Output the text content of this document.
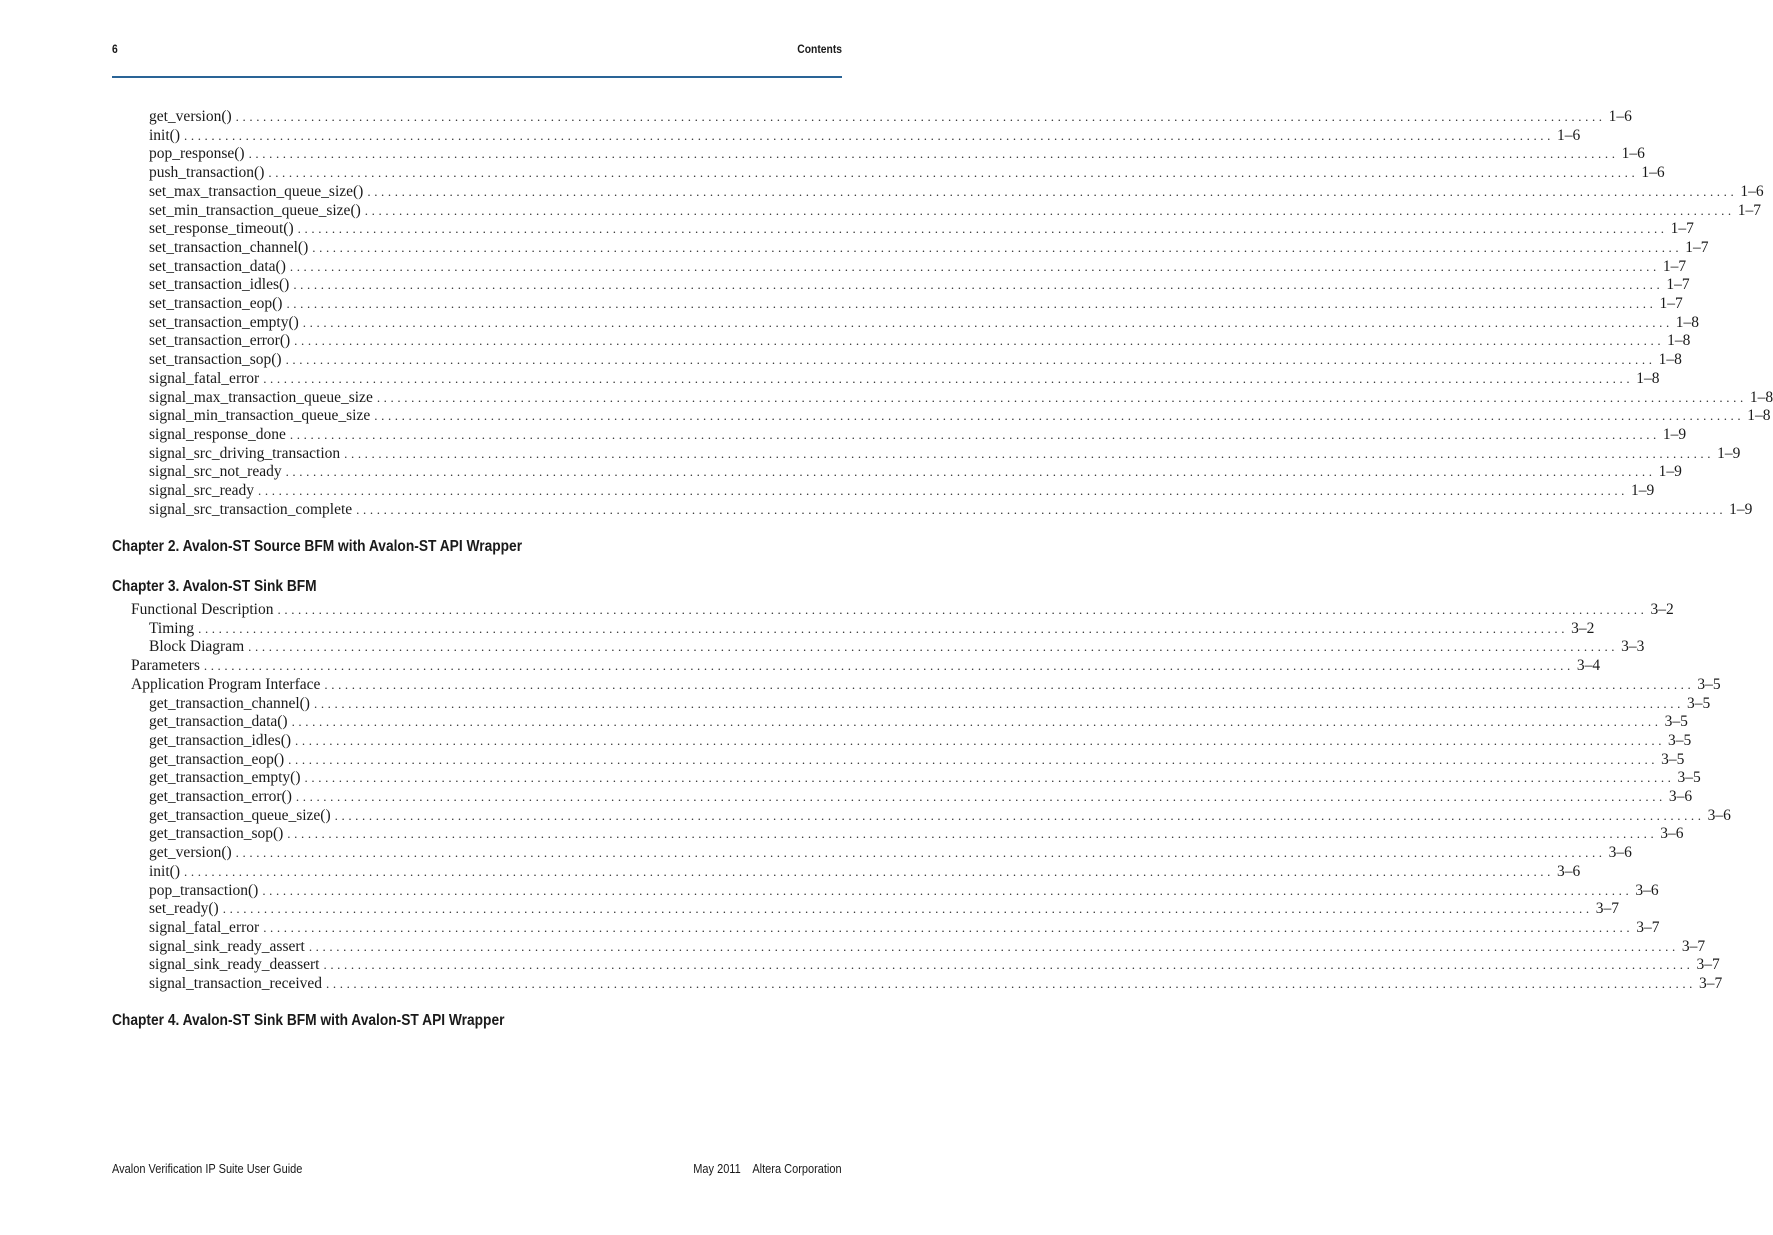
6	Contents
Chapter 2. Avalon-ST Source BFM with Avalon-ST API Wrapper
Chapter 3. Avalon-ST Sink BFM
Chapter 4. Avalon-ST Sink BFM with Avalon-ST API Wrapper
get_version() ........................................................................................................................................................................................................ 1–6
init() ........................................................................................................................................................................................................ 1–6
pop_response() ........................................................................................................................................................................................................ 1–6
push_transaction() ........................................................................................................................................................................................................ 1–6
set_max_transaction_queue_size() ........................................................................................................................................................................................................ 1–6
set_min_transaction_queue_size() ........................................................................................................................................................................................................ 1–7
set_response_timeout() ........................................................................................................................................................................................................ 1–7
set_transaction_channel() ........................................................................................................................................................................................................ 1–7
set_transaction_data() ........................................................................................................................................................................................................ 1–7
set_transaction_idles() ........................................................................................................................................................................................................ 1–7
set_transaction_eop() ........................................................................................................................................................................................................ 1–7
set_transaction_empty() ........................................................................................................................................................................................................ 1–8
set_transaction_error() ........................................................................................................................................................................................................ 1–8
set_transaction_sop() ........................................................................................................................................................................................................ 1–8
signal_fatal_error ........................................................................................................................................................................................................ 1–8
signal_max_transaction_queue_size ........................................................................................................................................................................................................ 1–8
signal_min_transaction_queue_size ........................................................................................................................................................................................................ 1–8
signal_response_done ........................................................................................................................................................................................................ 1–9
signal_src_driving_transaction ........................................................................................................................................................................................................ 1–9
signal_src_not_ready ........................................................................................................................................................................................................ 1–9
signal_src_ready ........................................................................................................................................................................................................ 1–9
signal_src_transaction_complete ........................................................................................................................................................................................................ 1–9
Functional Description ........................................................................................................................................................................................................ 3–2
Timing ........................................................................................................................................................................................................ 3–2
Block Diagram ........................................................................................................................................................................................................ 3–3
Parameters ........................................................................................................................................................................................................ 3–4
Application Program Interface ........................................................................................................................................................................................................ 3–5
get_transaction_channel() ........................................................................................................................................................................................................ 3–5
get_transaction_data() ........................................................................................................................................................................................................ 3–5
get_transaction_idles() ........................................................................................................................................................................................................ 3–5
get_transaction_eop() ........................................................................................................................................................................................................ 3–5
get_transaction_empty() ........................................................................................................................................................................................................ 3–5
get_transaction_error() ........................................................................................................................................................................................................ 3–6
get_transaction_queue_size() ........................................................................................................................................................................................................ 3–6
get_transaction_sop() ........................................................................................................................................................................................................ 3–6
get_version() ........................................................................................................................................................................................................ 3–6
init() ........................................................................................................................................................................................................ 3–6
pop_transaction() ........................................................................................................................................................................................................ 3–6
set_ready() ........................................................................................................................................................................................................ 3–7
signal_fatal_error ........................................................................................................................................................................................................ 3–7
signal_sink_ready_assert ........................................................................................................................................................................................................ 3–7
signal_sink_ready_deassert ........................................................................................................................................................................................................ 3–7
signal_transaction_received ........................................................................................................................................................................................................ 3–7
Avalon Verification IP Suite User Guide	May 2011    Altera Corporation
